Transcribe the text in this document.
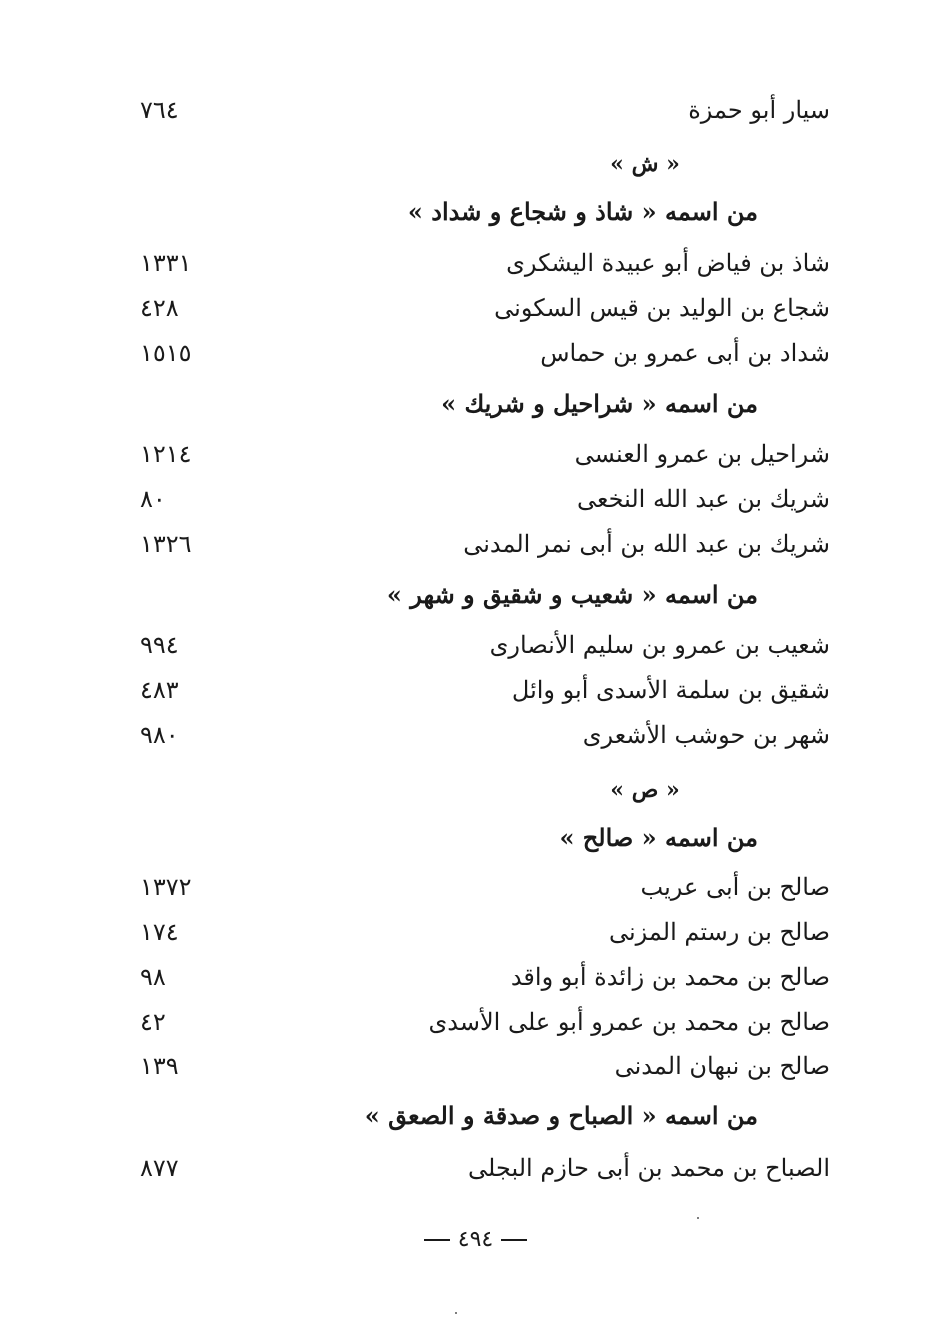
سيار أبو حمزة
٧٦٤
« ش »
من اسمه « شاذ و شجاع و شداد »
شاذ بن فياض أبو عبيدة اليشكرى
١٣٣١
شجاع بن الوليد بن قيس السكونى
٤٢٨
شداد بن أبى عمرو بن حماس
١٥١٥
من اسمه « شراحيل و شريك »
شراحيل بن عمرو العنسى
١٢١٤
شريك بن عبد الله النخعى
٨٠
شريك بن عبد الله بن أبى نمر المدنى
١٣٢٦
من اسمه « شعيب و شقيق و شهر »
شعيب بن عمرو بن سليم الأنصارى
٩٩٤
شقيق بن سلمة الأسدى أبو وائل
٤٨٣
شهر بن حوشب الأشعرى
٩٨٠
« ص »
من اسمه « صالح »
صالح بن أبى عريب
١٣٧٢
صالح بن رستم المزنى
١٧٤
صالح بن محمد بن زائدة أبو واقد
٩٨
صالح بن محمد بن عمرو أبو على الأسدى
٤٢
صالح بن نبهان المدنى
١٣٩
من اسمه « الصباح و صدقة و الصعق »
الصباح بن محمد بن أبى حازم البجلى
٨٧٧
٤٩٤
